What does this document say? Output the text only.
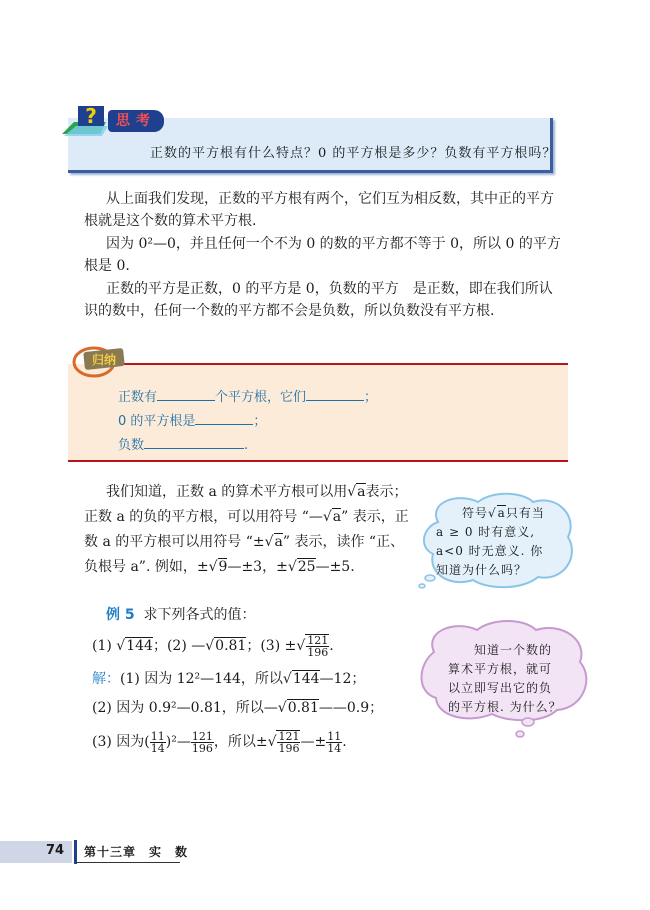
?	思考
正数的平方根有什么特点？0 的平方根是多少？负数有平方根吗？
从上面我们发现，正数的平方根有两个，它们互为相反数，其中正的平方
根就是这个数的算术平方根.
因为 0²—0，并且任何一个不为 0 的数的平方都不等于 0，所以 0 的平方
根是 0.
正数的平方是正数，0 的平方是 0，负数的平方　是正数，即在我们所认
识的数中，任何一个数的平方都不会是负数，所以负数没有平方根.
归纳
正数有	个平方根，它们	；
0 的平方根是	；
负数	.
我们知道，正数 a 的算术平方根可以用√a表示；
正数 a 的负的平方根，可以用符号 “—√a” 表示，正
数 a 的平方根可以用符号 “±√a” 表示，读作 “正、
负根号 a”. 例如，±√9—±3，±√25—±5.
符号√a只有当
a ≥ 0 时有意义,
a<0 时无意义. 你
知道为什么吗？
例 5 求下列各式的值：
(1) √144；(2) —√0.81；(3) ±√ $\frac{121}{196}$ .
解：(1) 因为 12²—144，所以√144—12；
(2) 因为 0.9²—0.81，所以—√0.81——0.9；
(3) 因为( $\frac{11}{14}$ )²— $\frac{121}{196}$ ，所以±√ $\frac{121}{196}$ —± $\frac{11}{14}$ .
知道一个数的
算术平方根，就可
以立即写出它的负
的平方根. 为什么？
74 第十三章　实　数
